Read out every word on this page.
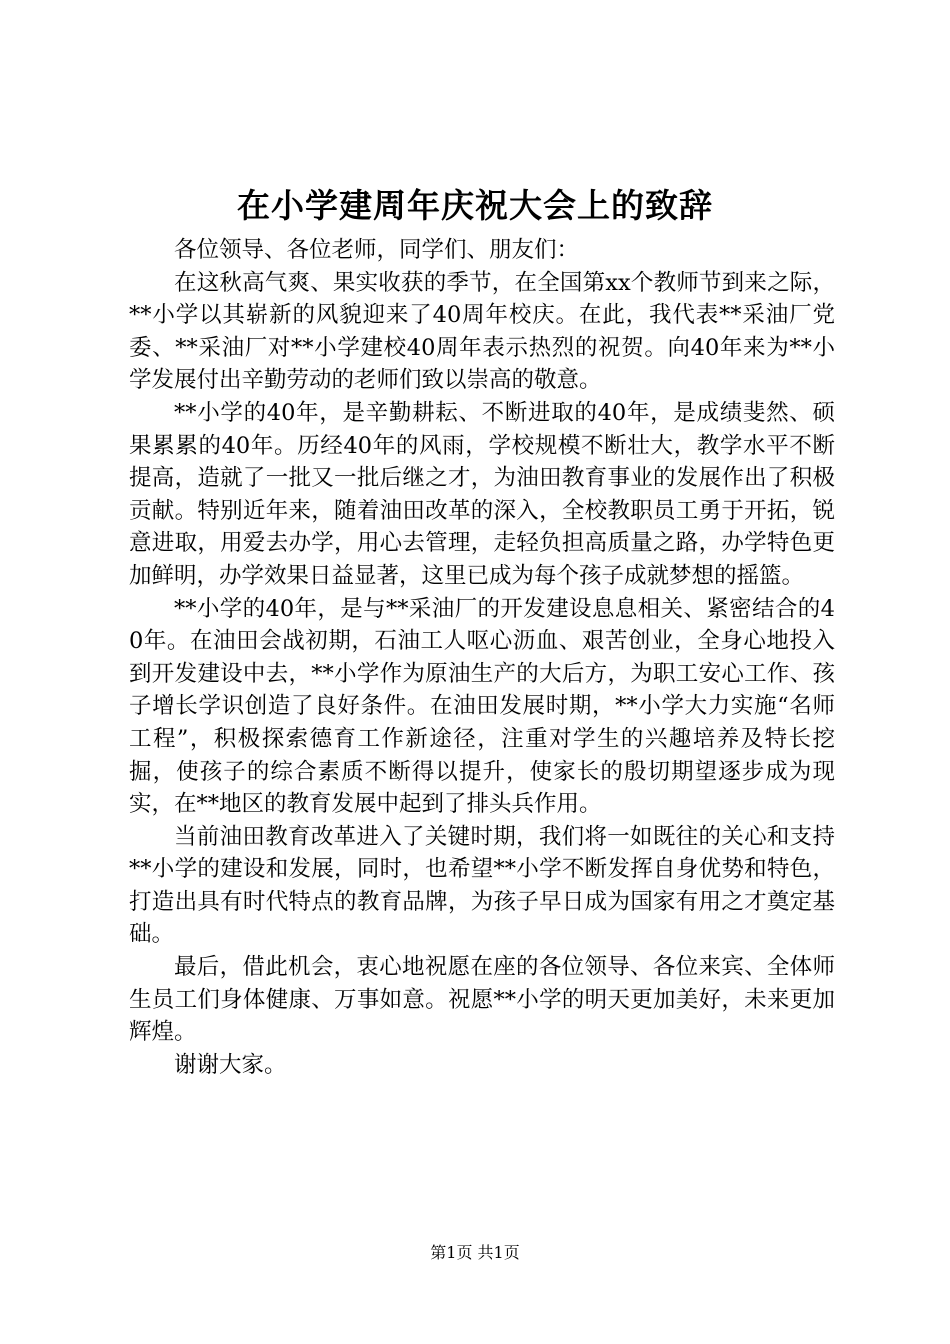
在小学建周年庆祝大会上的致辞

各位领导、各位老师，同学们、朋友们：

在这秋高气爽、果实收获的季节，在全国第xx个教师节到来之际，**小学以其崭新的风貌迎来了40周年校庆。在此，我代表**采油厂党委、**采油厂对**小学建校40周年表示热烈的祝贺。向40年来为**小学发展付出辛勤劳动的老师们致以崇高的敬意。

**小学的40年，是辛勤耕耘、不断进取的40年，是成绩斐然、硕果累累的40年。历经40年的风雨，学校规模不断壮大，教学水平不断提高，造就了一批又一批后继之才，为油田教育事业的发展作出了积极贡献。特别近年来，随着油田改革的深入，全校教职员工勇于开拓，锐意进取，用爱去办学，用心去管理，走轻负担高质量之路，办学特色更加鲜明，办学效果日益显著，这里已成为每个孩子成就梦想的摇篮。

**小学的40年，是与**采油厂的开发建设息息相关、紧密结合的40年。在油田会战初期，石油工人呕心沥血、艰苦创业，全身心地投入到开发建设中去，**小学作为原油生产的大后方，为职工安心工作、孩子增长学识创造了良好条件。在油田发展时期，**小学大力实施“名师工程”，积极探索德育工作新途径，注重对学生的兴趣培养及特长挖掘，使孩子的综合素质不断得以提升，使家长的殷切期望逐步成为现实，在**地区的教育发展中起到了排头兵作用。

当前油田教育改革进入了关键时期，我们将一如既往的关心和支持**小学的建设和发展，同时，也希望**小学不断发挥自身优势和特色，打造出具有时代特点的教育品牌，为孩子早日成为国家有用之才奠定基础。

最后，借此机会，衷心地祝愿在座的各位领导、各位来宾、全体师生员工们身体健康、万事如意。祝愿**小学的明天更加美好，未来更加辉煌。

谢谢大家。

第1页 共1页
